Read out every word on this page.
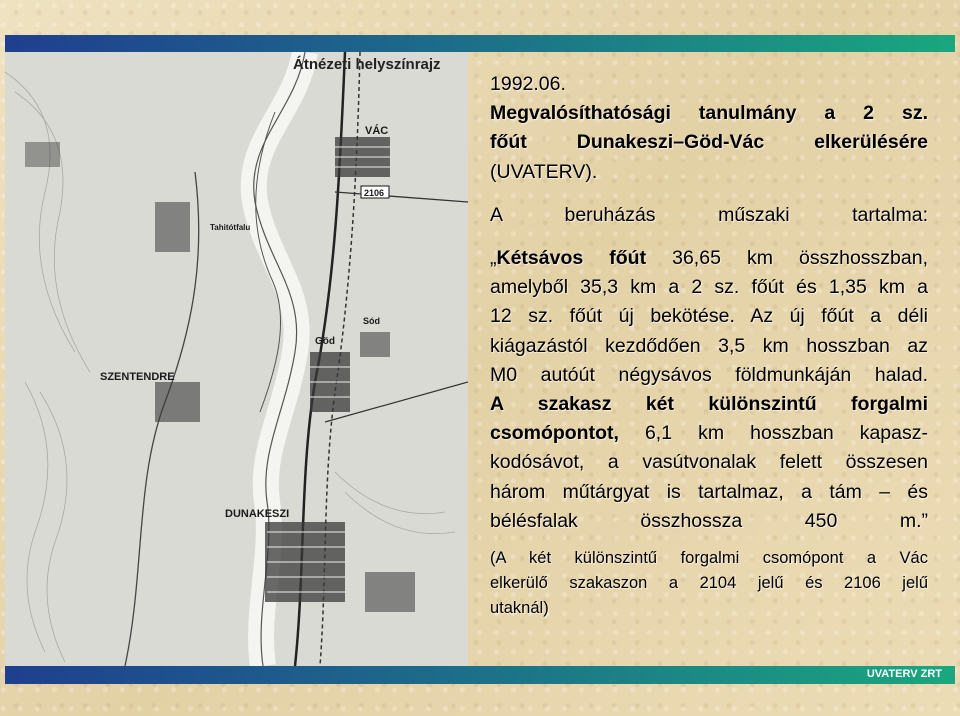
2106
VÁC
Göd
Sód
SZENTENDRE
DUNAKESZI
Tahitótfalu
Átnézeti helyszínrajz

1992.06.

Megvalósíthatósági tanulmány a 2 sz.

főút Dunakeszi–Göd-Vác elkerülésére

(UVATERV).

A beruházás műszaki tartalma:

„Kétsávos főút 36,65 km összhosszban,

amelyből 35,3 km a 2 sz. főút és 1,35 km a

12 sz. főút új bekötése. Az új főút a déli

kiágazástól kezdődően 3,5 km hosszban az

M0 autóút négysávos földmunkáján halad.

A szakasz két különszintű forgalmi

csomópontot, 6,1 km hosszban kapasz-

kodósávot, a vasútvonalak felett összesen

három műtárgyat is tartalmaz, a tám – és

bélésfalak összhossza 450 m.”

(A két különszintű forgalmi csomópont a Vác

elkerülő szakaszon a 2104 jelű és 2106 jelű

utaknál)

UVATERV ZRT
